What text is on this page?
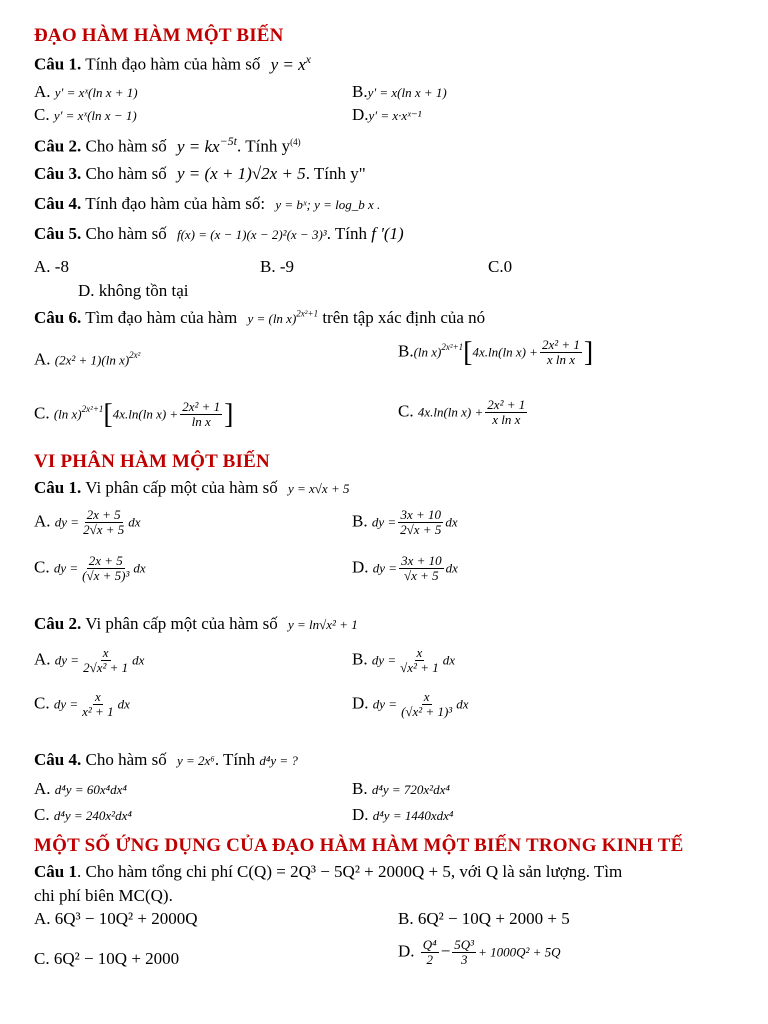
ĐẠO HÀM HÀM MỘT BIẾN
Câu 1. Tính đạo hàm của hàm số $y = x^x$
A. y' = xˣ(ln x + 1)	B.y' = x(ln x + 1)
C. y' = xˣ(ln x − 1)	D.y' = x·xˣ⁻¹
Câu 2. Cho hàm số $y = kx^{-5t}$. Tính $y^{(4)}$
Câu 3. Cho hàm số y = (x + 1)√2x + 5. Tính y"
Câu 4. Tính đạo hàm của hàm số: y = bˣ; y = log_b x .
Câu 5. Cho hàm số f(x) = (x − 1)(x − 2)²(x − 3)³. Tính f '(1)
A. -8	B. -9	C.0
D. không tồn tại
Câu 6. Tìm đạo hàm của hàm y = (ln x)$^{2x^2+1}$ trên tập xác định của nó
A. (2x² + 1)(ln x)$^{2x^2}$	B.(ln x)$^{2x^2+1}$[4x.ln(ln $x) + \frac{\text{2x² + 1}}{\text{x ln x}}$ ]
C. (ln x)$^{2x^2+1}$[4x.ln(ln $x) + \frac{\text{2x² + 1}}{\text{ln x}}$ ]	C. 4x.ln(ln $x) + \frac{\text{2x² + 1}}{\text{x ln x}}$
VI PHÂN HÀM MỘT BIẾN
Câu 1. Vi phân cấp một của hàm số y = x√x + 5
A. dy = $\frac{2x + 5}{2√x + 5}$ dx	B. dy = $\frac{3x + 10}{2√x + 5}$ dx
C. dy = $\frac{2x + 5}{\text{(√x + 5)³}}$ dx	D. dy = $\frac{3x + 10}{√x + 5}$ dx
Câu 2. Vi phân cấp một của hàm số y = ln√x² + 1
A. dy = $\frac{x}{\text{2√x² + 1}}$ dx	B. dy = $\frac{x}{\text{√x² + 1}}$ dx
C. dy = $\frac{x}{\text{x² + 1}}$ dx	D. dy = $\frac{x}{\text{(√x² + 1)³}}$ dx
Câu 4. Cho hàm số y = 2x⁶. Tính d⁴y = ?
A. d⁴y = 60x⁴dx⁴	B. d⁴y = 720x²dx⁴
C. d⁴y = 240x²dx⁴	D. d⁴y = 1440xdx⁴
MỘT SỐ ỨNG DỤNG CỦA ĐẠO HÀM HÀM MỘT BIẾN TRONG KINH TẾ
Câu 1. Cho hàm tổng chi phí C(Q) = 2Q³ − 5Q² + 2000Q + 5, với Q là sản lượng. Tìm
chi phí biên MC(Q).
A. 6Q³ − 10Q² + 2000Q	B. 6Q² − 10Q + 2000 + 5
C. 6Q² − 10Q + 2000	D. $\frac{\text{Q⁴}}{2} - \frac{\text{5Q³}}{3} + 1000Q^2 + 5Q$
